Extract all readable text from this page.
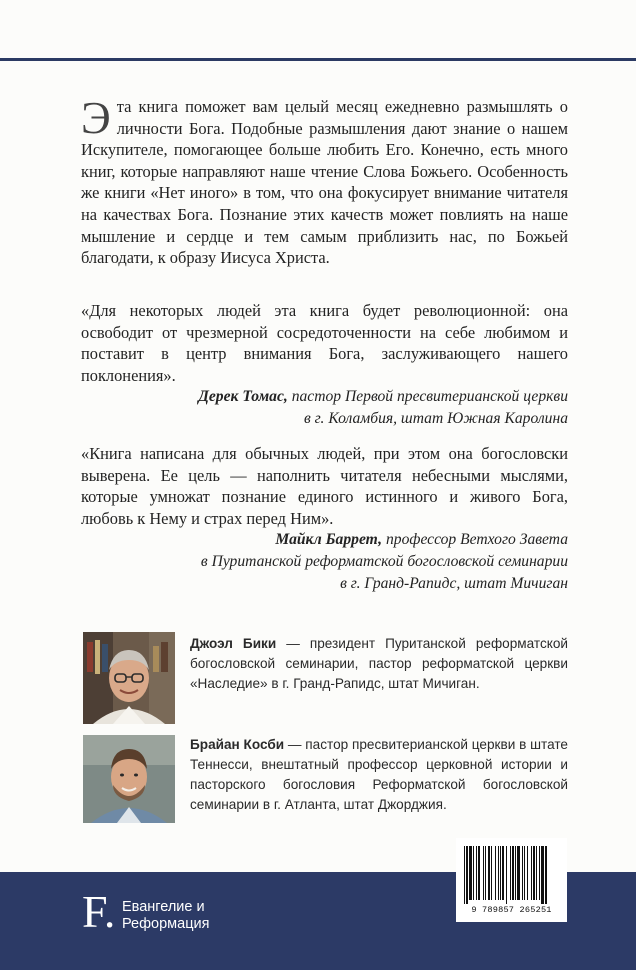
Эта книга поможет вам целый месяц ежедневно размышлять о личности Бога. Подобные размышления дают знание о нашем Искупителе, помогающее больше любить Его. Конечно, есть много книг, которые направляют наше чтение Слова Божьего. Особенность же книги «Нет иного» в том, что она фокусирует внимание читателя на качествах Бога. Познание этих качеств может повлиять на наше мышление и сердце и тем самым приблизить нас, по Божьей благодати, к образу Иисуса Христа.

«Для некоторых людей эта книга будет революционной: она освободит от чрезмерной сосредоточенности на себе любимом и поставит в центр внимания Бога, заслуживающего нашего поклонения».

Дерек Томас, пастор Первой пресвитерианской церкви

в г. Коламбия, штат Южная Каролина

«Книга написана для обычных людей, при этом она богословски выверена. Ее цель — наполнить читателя небесными мыслями, которые умножат познание единого истинного и живого Бога, любовь к Нему и страх перед Ним».

Майкл Баррет, профессор Ветхого Завета

в Пуританской реформатской богословской семинарии

в г. Гранд-Рапидс, штат Мичиган

Джоэл Бики — президент Пуританской реформатской богословской семинарии, пастор реформатской церкви «Наследие» в г. Гранд-Рапидс, штат Мичиган.
Брайан Косби — пастор пресвитерианской церкви в штате Теннесси, внештатный профессор церковной истории и пасторского богословия Реформатской богословской семинарии в г. Атланта, штат Джорджия.
F. Евангелие и
Реформация
9 789857 265251
